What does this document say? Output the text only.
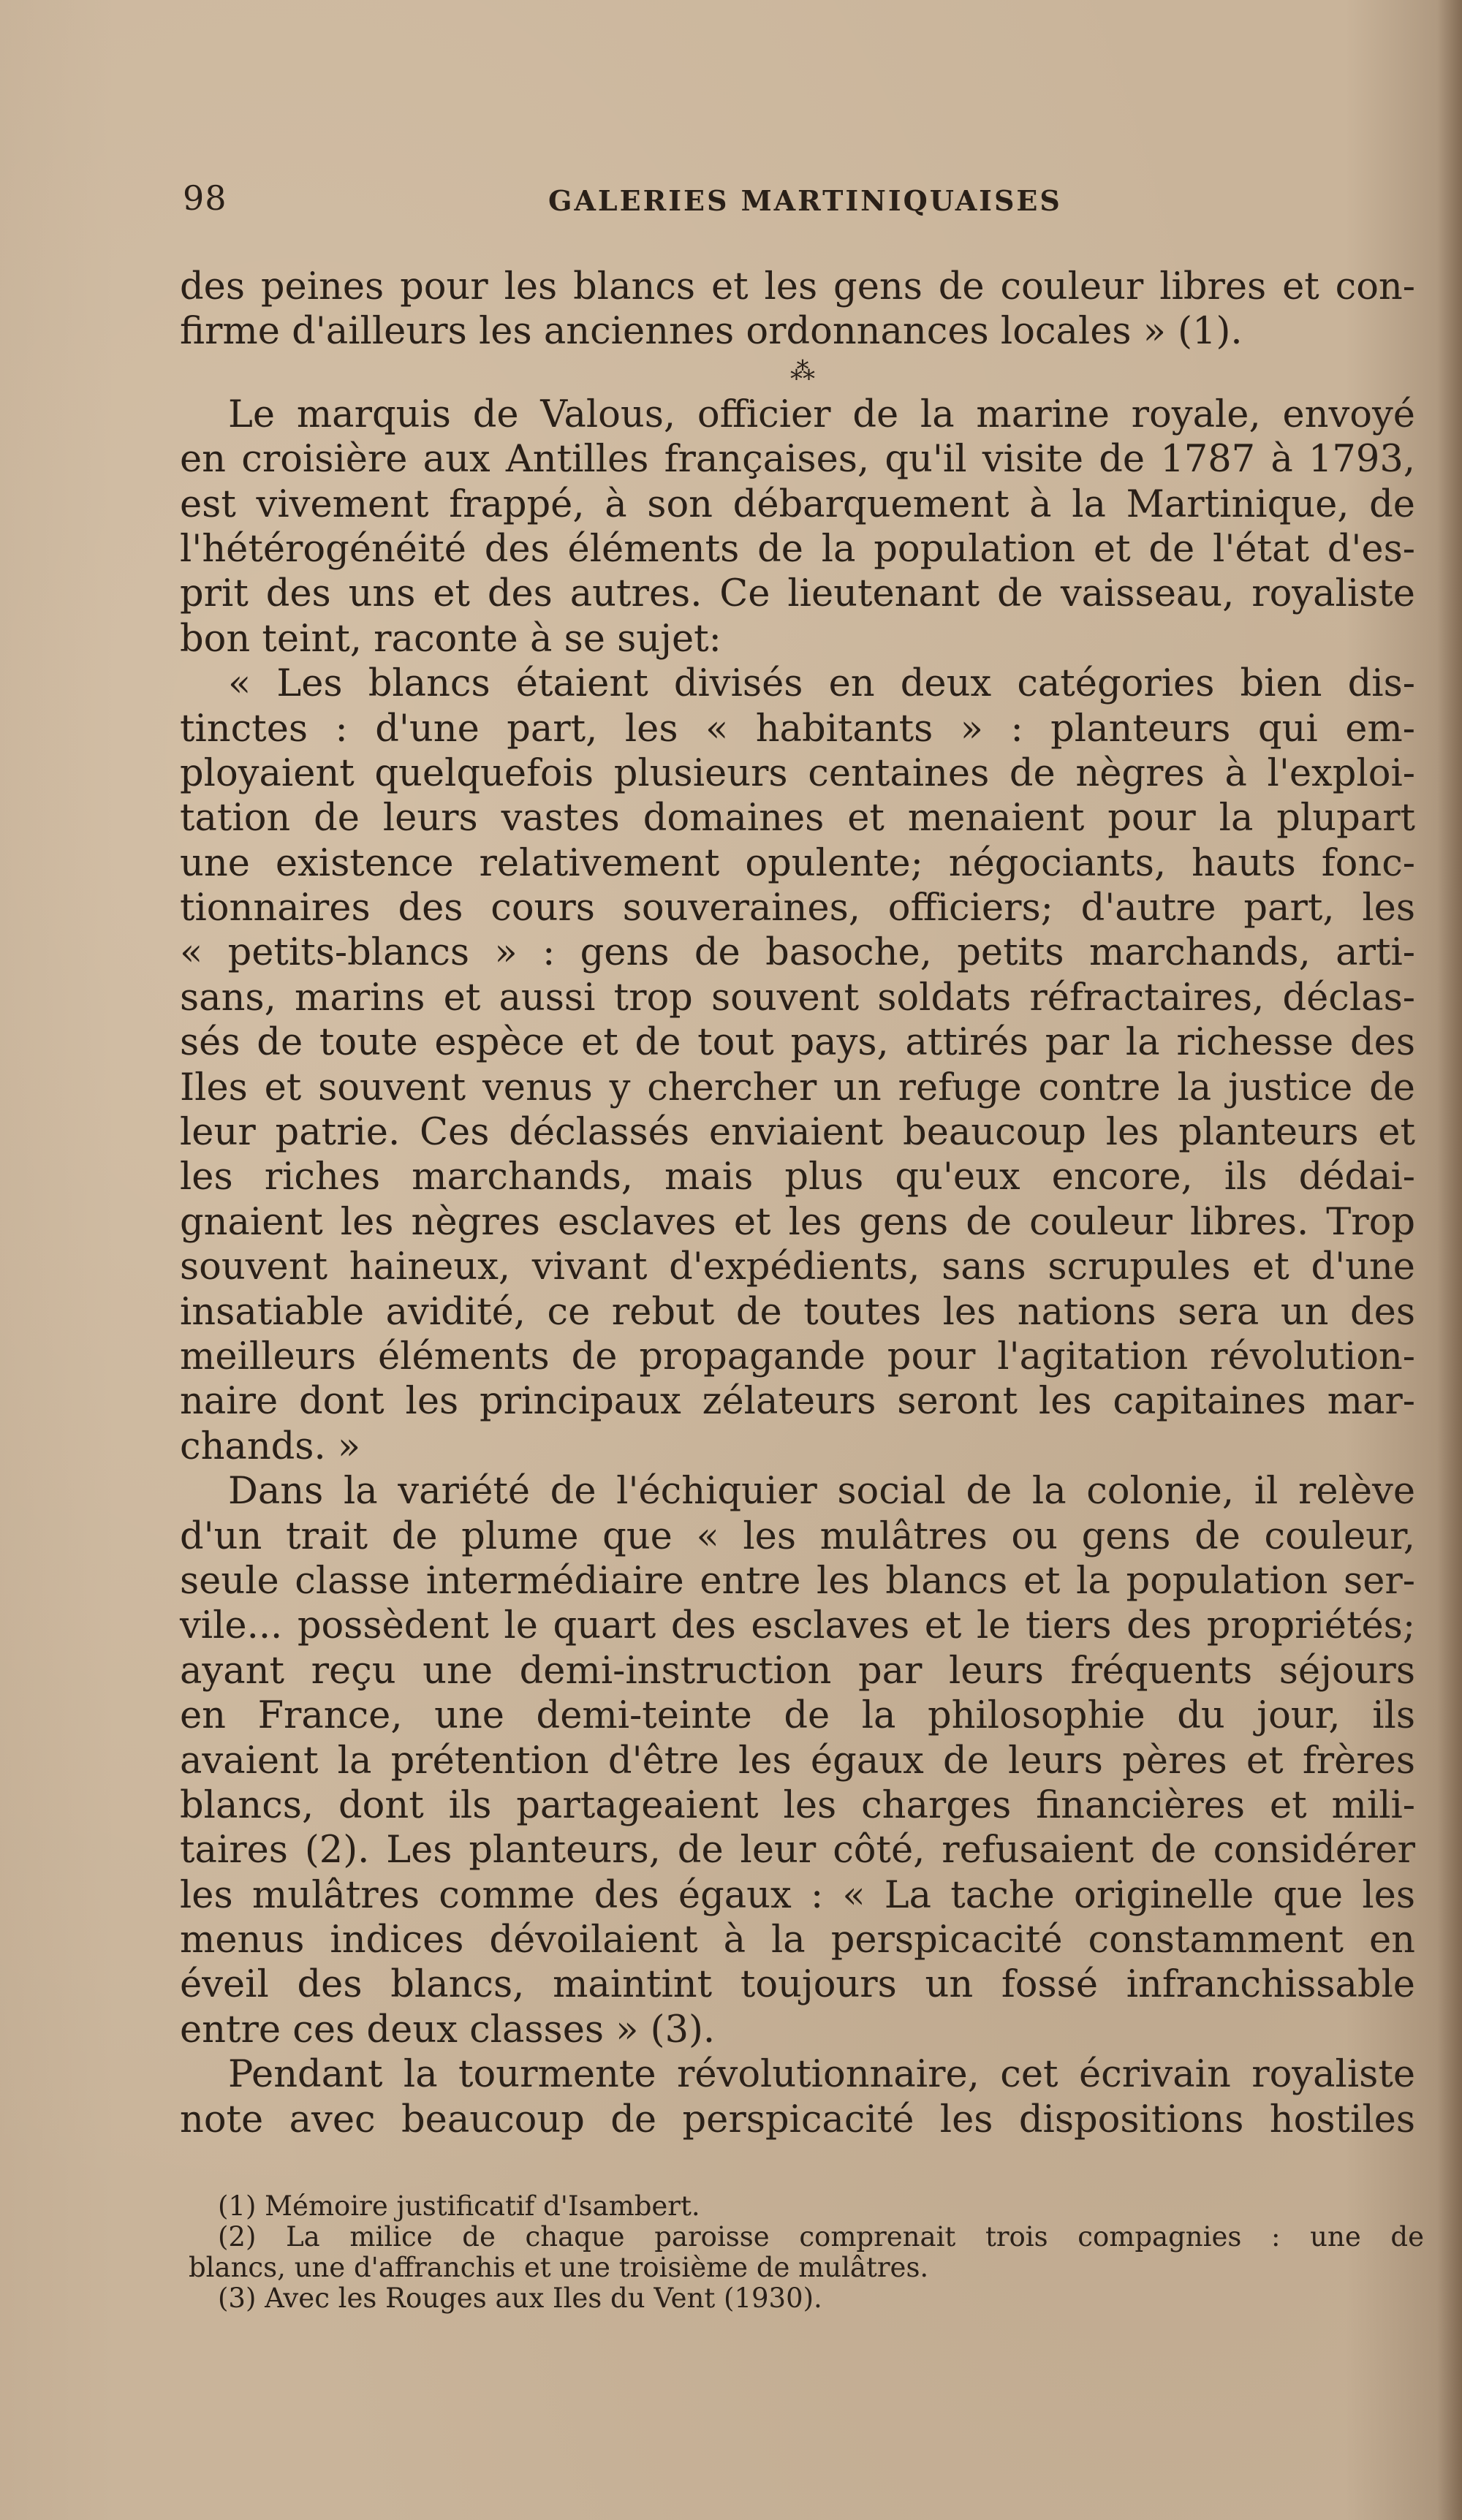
98	GALERIES MARTINIQUAISES
⁂
des peines pour les blancs et les gens de couleur libres et con-
firme d'ailleurs les anciennes ordonnances locales » (1).
Le marquis de Valous, officier de la marine royale, envoyé
en croisière aux Antilles françaises, qu'il visite de 1787 à 1793,
est vivement frappé, à son débarquement à la Martinique, de
l'hétérogénéité des éléments de la population et de l'état d'es-
prit des uns et des autres. Ce lieutenant de vaisseau, royaliste
bon teint, raconte à se sujet:
« Les blancs étaient divisés en deux catégories bien dis-
tinctes : d'une part, les « habitants » : planteurs qui em-
ployaient quelquefois plusieurs centaines de nègres à l'exploi-
tation de leurs vastes domaines et menaient pour la plupart
une existence relativement opulente; négociants, hauts fonc-
tionnaires des cours souveraines, officiers; d'autre part, les
« petits-blancs » : gens de basoche, petits marchands, arti-
sans, marins et aussi trop souvent soldats réfractaires, déclas-
sés de toute espèce et de tout pays, attirés par la richesse des
Iles et souvent venus y chercher un refuge contre la justice de
leur patrie. Ces déclassés enviaient beaucoup les planteurs et
les riches marchands, mais plus qu'eux encore, ils dédai-
gnaient les nègres esclaves et les gens de couleur libres. Trop
souvent haineux, vivant d'expédients, sans scrupules et d'une
insatiable avidité, ce rebut de toutes les nations sera un des
meilleurs éléments de propagande pour l'agitation révolution-
naire dont les principaux zélateurs seront les capitaines mar-
chands. »
Dans la variété de l'échiquier social de la colonie, il relève
d'un trait de plume que « les mulâtres ou gens de couleur,
seule classe intermédiaire entre les blancs et la population ser-
vile... possèdent le quart des esclaves et le tiers des propriétés;
ayant reçu une demi-instruction par leurs fréquents séjours
en France, une demi-teinte de la philosophie du jour, ils
avaient la prétention d'être les égaux de leurs pères et frères
blancs, dont ils partageaient les charges financières et mili-
taires (2). Les planteurs, de leur côté, refusaient de considérer
les mulâtres comme des égaux : « La tache originelle que les
menus indices dévoilaient à la perspicacité constamment en
éveil des blancs, maintint toujours un fossé infranchissable
entre ces deux classes » (3).
Pendant la tourmente révolutionnaire, cet écrivain royaliste
note avec beaucoup de perspicacité les dispositions hostiles
(1) Mémoire justificatif d'Isambert.
(2) La milice de chaque paroisse comprenait trois compagnies : une de
blancs, une d'affranchis et une troisième de mulâtres.
(3) Avec les Rouges aux Iles du Vent (1930).
